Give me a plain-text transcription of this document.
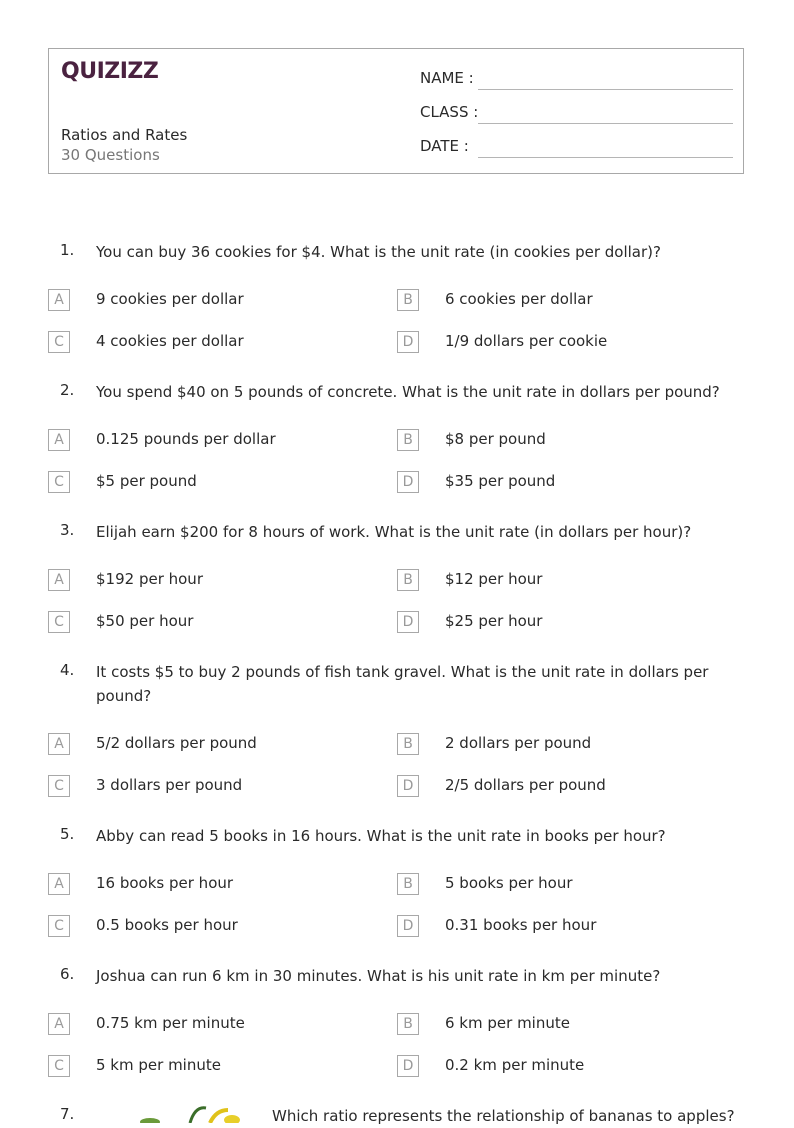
QUIZIZZ
Ratios and Rates
30 Questions
NAME :
CLASS :
DATE :
1. You can buy 36 cookies for $4. What is the unit rate (in cookies per dollar)?
A	9 cookies per dollar	B	6 cookies per dollar
C	4 cookies per dollar	D	1/9 dollars per cookie
2. You spend $40 on 5 pounds of concrete. What is the unit rate in dollars per pound?
A	0.125 pounds per dollar	B	$8 per pound
C	$5 per pound	D	$35 per pound
3. Elijah earn $200 for 8 hours of work. What is the unit rate (in dollars per hour)?
A	$192 per hour	B	$12 per hour
C	$50 per hour	D	$25 per hour
4. It costs $5 to buy 2 pounds of fish tank gravel. What is the unit rate in dollars per pound?
A	5/2 dollars per pound	B	2 dollars per pound
C	3 dollars per pound	D	2/5 dollars per pound
5. Abby can read 5 books in 16 hours. What is the unit rate in books per hour?
A	16 books per hour	B	5 books per hour
C	0.5 books per hour	D	0.31 books per hour
6. Joshua can run 6 km in 30 minutes. What is his unit rate in km per minute?
A	0.75 km per minute	B	6 km per minute
C	5 km per minute	D	0.2 km per minute
7.	Which ratio represents the relationship of bananas to apples?
